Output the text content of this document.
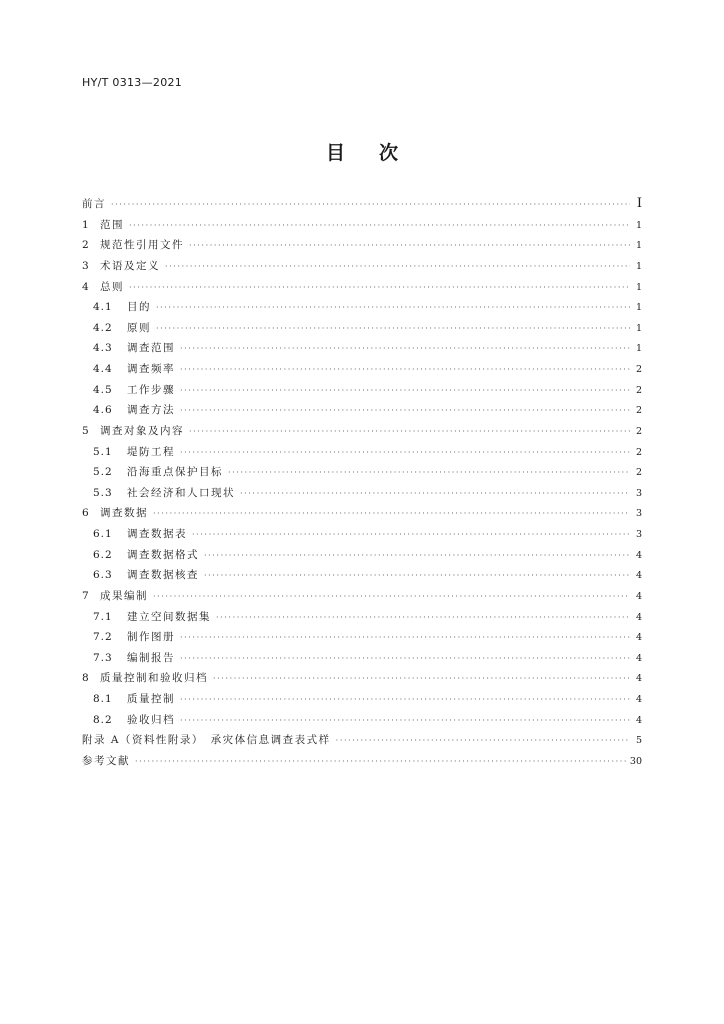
HY/T 0313—2021
目 次
前言 ·····	I
1 范围 ·····	1
2 规范性引用文件 ·····	1
3 术语及定义 ·····	1
4 总则 ·····	1
4.1	目的 ·····	1
4.2	原则 ·····	1
4.3	调查范围 ·····	1
4.4	调查频率 ·····	2
4.5	工作步骤 ·····	2
4.6	调查方法 ·····	2
5 调查对象及内容 ·····	2
5.1	堤防工程 ·····	2
5.2	沿海重点保护目标 ·····	2
5.3	社会经济和人口现状 ·····	3
6 调查数据 ·····	3
6.1	调查数据表 ·····	3
6.2	调查数据格式 ·····	4
6.3	调查数据核查 ·····	4
7 成果编制 ·····	4
7.1	建立空间数据集 ·····	4
7.2	制作图册 ·····	4
7.3	编制报告 ·····	4
8 质量控制和验收归档 ·····	4
8.1	质量控制 ·····	4
8.2	验收归档 ·····	4
附录 A（资料性附录）　承灾体信息调查表式样 ·····	5
参考文献 ·····	30
